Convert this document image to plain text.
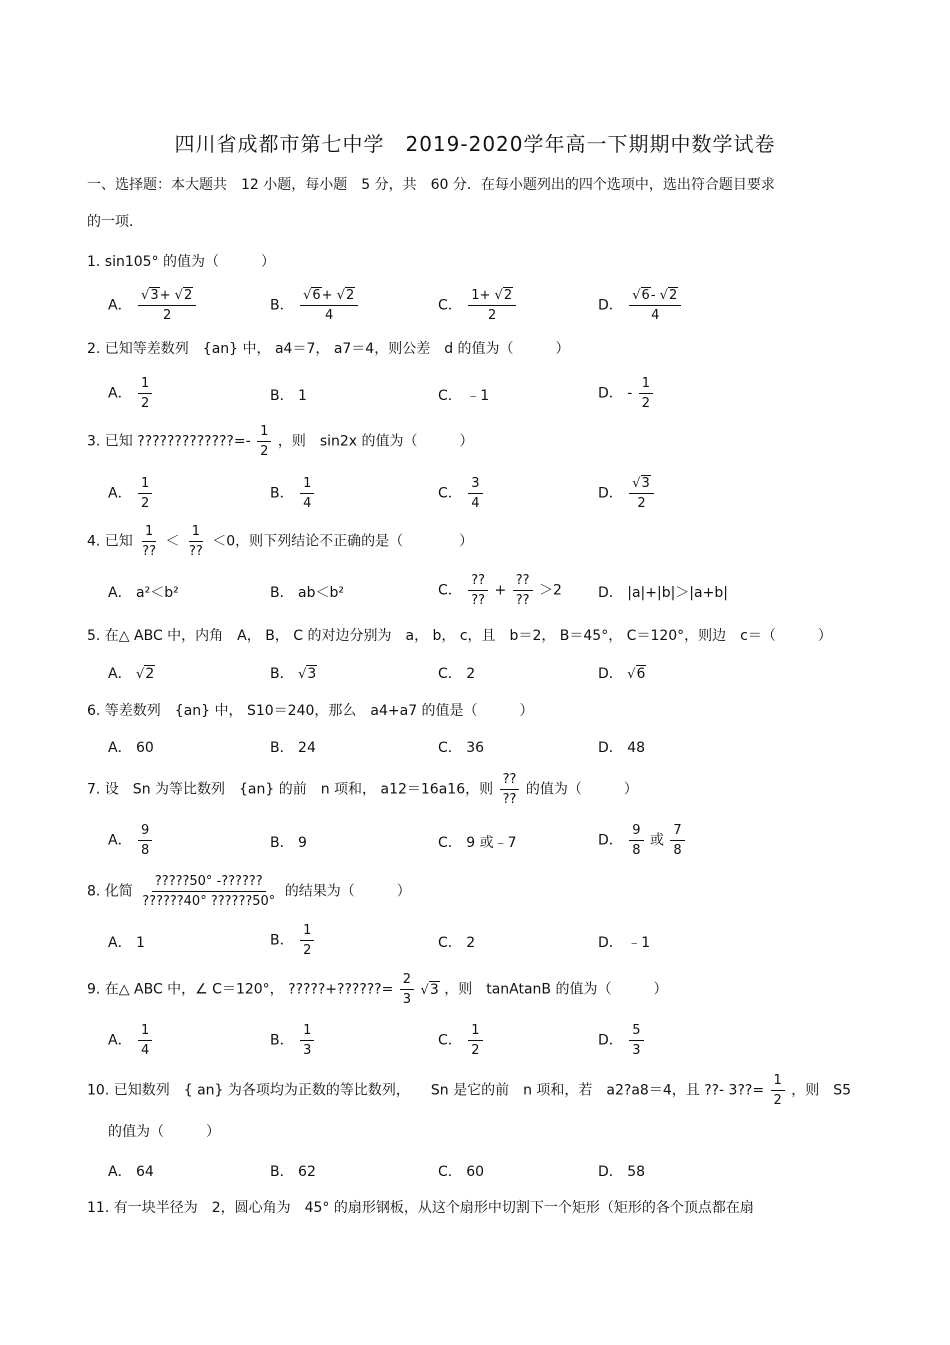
四川省成都市第七中学　2019-2020学年高一下期期中数学试卷
一、选择题：本大题共　12 小题，每小题　5 分，共　60 分．在每小题列出的四个选项中，选出符合题目要求
的一项．
1. sin105° 的值为（　　　）
A． $\frac{√3+ √2}{2}$	B． $\frac{√6+ √2}{4}$	C． $\frac{1+ √2}{2}$	D． $\frac{√6- √2}{4}$
2. 已知等差数列　{an} 中， a4＝7， a7＝4，则公差　d 的值为（　　　）
A． $\frac{1}{2}$	B． 1	C． ﹣1	D． - $\frac{1}{2}$
3. 已知 ?????????????=- $\frac{1}{2}$ ，则　sin2x 的值为（　　　）
A． $\frac{1}{2}$	B． $\frac{1}{4}$	C． $\frac{3}{4}$	D． $\frac{√3}{2}$
4. 已知 $\frac{1}{??} < \frac{1}{??} <0$，则下列结论不正确的是（　　　　）
A． a²＜b²	B． ab＜b²	C． $\frac{??}{??} + \frac{??}{??} >2$	D． |a|+|b|＞|a+b|
5. 在△ ABC 中，内角　A， B， C 的对边分别为　a， b， c，且　b＝2， B＝45°， C＝120°，则边　c＝（　　　）
A． √2	B． √3	C． 2	D． √6
6. 等差数列　{an} 中， S10＝240，那么　a4+a7 的值是（　　　）
A． 60	B． 24	C． 36	D． 48
7. 设　Sn 为等比数列　{an} 的前　n 项和， a12＝16a16，则 $\frac{??}{??}$ 的值为（　　　）
A． $\frac{9}{8}$	B． 9	C． 9 或﹣7	D． $\frac{9}{8}$ 或 $\frac{7}{8}$
8. 化简 $\frac{?????50^\circ -??????}{??????40^\circ ??????50^\circ}$ 的结果为（　　　）
A． 1	B． $\frac{1}{2}$	C． 2	D． ﹣1
9. 在△ ABC 中，∠ C＝120°， ?????+??????= $\frac{2}{3} √3$ ，则　tanAtanB 的值为（　　　）
A． $\frac{1}{4}$	B． $\frac{1}{3}$	C． $\frac{1}{2}$	D． $\frac{5}{3}$
10. 已知数列　{ an} 为各项均为正数的等比数列，　　Sn 是它的前　n 项和，若　a2?a8＝4，且 ??- 3??= $\frac{1}{2}$ ，则　S5
的值为（　　　）
A． 64	B． 62	C． 60	D． 58
11. 有一块半径为　2，圆心角为　45° 的扇形钢板，从这个扇形中切割下一个矩形（矩形的各个顶点都在扇
